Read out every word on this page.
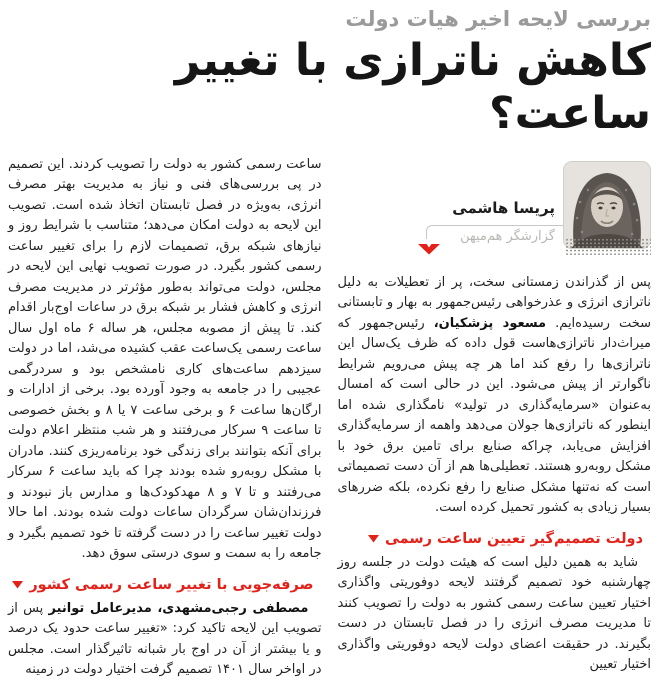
بررسی لایحه اخیر هیات دولت
کاهش ناترازی با تغییر ساعت؟
پریسا هاشمی
گزارشگر هم‌میهن

پس از گذراندن زمستانی سخت، پر از تعطیلات به دلیل ناترازی انرژی و عذرخواهی رئیس‌جمهور به بهار و تابستانی سخت رسیده‌ایم. مسعود پزشکیان، رئیس‌جمهور که میراث‌دار ناترازی‌هاست قول داده که ظرف یک‌سال این ناترازی‌ها را رفع کند اما هر چه پیش می‌رویم شرایط ناگوارتر از پیش می‌شود. این در حالی است که امسال به‌عنوان «سرمایه‌گذاری در تولید» نامگذاری شده اما اینطور که ناترازی‌ها جولان می‌دهد واهمه از سرمایه‌گذاری افزایش می‌یابد، چراکه صنایع برای تامین برق خود با مشکل روبه‌رو هستند. تعطیلی‌ها هم از آن دست تصمیماتی است که نه‌تنها مشکل صنایع را رفع نکرده، بلکه ضررهای بسیار زیادی به کشور تحمیل کرده است.

دولت تصمیم‌گیر تعیین ساعت رسمی

شاید به همین دلیل است که هیئت دولت در جلسه روز چهارشنبه خود تصمیم گرفتند لایحه دوفوریتی واگذاری اختیار تعیین ساعت رسمی کشور به دولت را تصویب کنند تا مدیریت مصرف انرژی را در فصل تابستان در دست بگیرند. در حقیقت اعضای دولت لایحه دوفوریتی واگذاری اختیار تعیین

ساعت رسمی کشور به دولت را تصویب کردند. این تصمیم در پی بررسی‌های فنی و نیاز به مدیریت بهتر مصرف انرژی، به‌ویژه در فصل تابستان اتخاذ شده است. تصویب این لایحه به دولت امکان می‌دهد؛ متناسب با شرایط روز و نیازهای شبکه برق، تصمیمات لازم را برای تغییر ساعت رسمی کشور بگیرد. در صورت تصویب نهایی این لایحه در مجلس، دولت می‌تواند به‌طور مؤثرتر در مدیریت مصرف انرژی و کاهش فشار بر شبکه برق در ساعات اوج‌بار اقدام کند. تا پیش از مصوبه مجلس، هر ساله ۶ ماه اول سال ساعت رسمی یک‌ساعت عقب کشیده می‌شد، اما در دولت سیزدهم ساعت‌های کاری نامشخص بود و سردرگمی عجیبی را در جامعه به وجود آورده بود. برخی از ادارات و ارگان‌ها ساعت ۶ و برخی ساعت ۷ یا ۸ و بخش خصوصی تا ساعت ۹ سرکار می‌رفتند و هر شب منتظر اعلام دولت برای آنکه بتوانند برای زندگی خود برنامه‌ریزی کنند. مادران با مشکل روبه‌رو شده بودند چرا که باید ساعت ۶ سرکار می‌رفتند و تا ۷ و ۸ مهدکودک‌ها و مدارس باز نبودند و فرزندان‌شان سرگردان ساعات دولت شده بودند. اما حالا دولت تغییر ساعت را در دست گرفته تا خود تصمیم بگیرد و جامعه را به سمت و سوی درستی سوق دهد.

صرفه‌جویی با تغییر ساعت رسمی کشور

مصطفی رجبی‌مشهدی، مدیرعامل توانیر پس از تصویب این لایحه تاکید کرد: «تغییر ساعت حدود یک درصد و یا بیشتر از آن در اوج بار شبانه تاثیرگذار است. مجلس در اواخر سال ۱۴۰۱ تصمیم گرفت اختیار دولت در زمینه
